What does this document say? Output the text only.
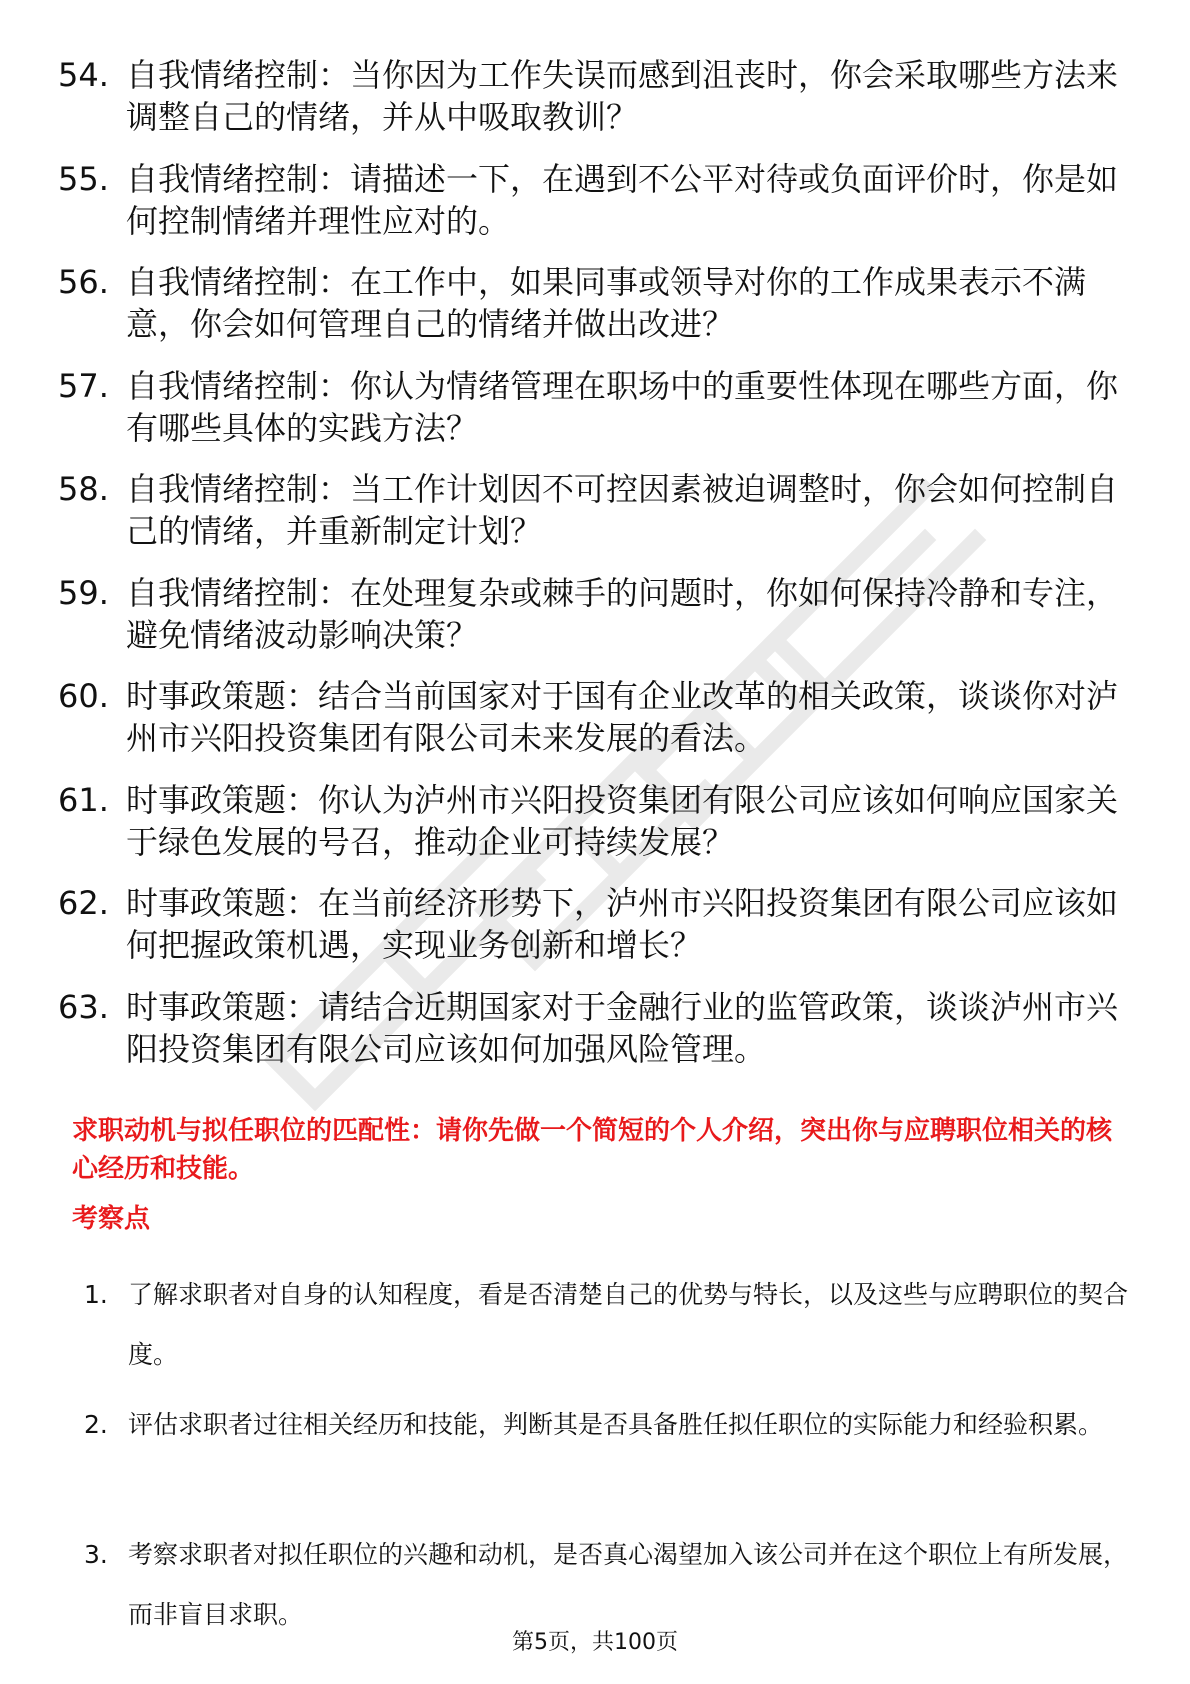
54. 自我情绪控制：当你因为工作失误而感到沮丧时，你会采取哪些方法来调整自己的情绪，并从中吸取教训？
55. 自我情绪控制：请描述一下，在遇到不公平对待或负面评价时，你是如何控制情绪并理性应对的。
56. 自我情绪控制：在工作中，如果同事或领导对你的工作成果表示不满意，你会如何管理自己的情绪并做出改进？
57. 自我情绪控制：你认为情绪管理在职场中的重要性体现在哪些方面，你有哪些具体的实践方法？
58. 自我情绪控制：当工作计划因不可控因素被迫调整时，你会如何控制自己的情绪，并重新制定计划？
59. 自我情绪控制：在处理复杂或棘手的问题时，你如何保持冷静和专注，避免情绪波动影响决策？
60. 时事政策题：结合当前国家对于国有企业改革的相关政策，谈谈你对泸州市兴阳投资集团有限公司未来发展的看法。
61. 时事政策题：你认为泸州市兴阳投资集团有限公司应该如何响应国家关于绿色发展的号召，推动企业可持续发展？
62. 时事政策题：在当前经济形势下，泸州市兴阳投资集团有限公司应该如何把握政策机遇，实现业务创新和增长？
63. 时事政策题：请结合近期国家对于金融行业的监管政策，谈谈泸州市兴阳投资集团有限公司应该如何加强风险管理。

求职动机与拟任职位的匹配性：请你先做一个简短的个人介绍，突出你与应聘职位相关的核心经历和技能。

考察点

1. 了解求职者对自身的认知程度，看是否清楚自己的优势与特长，以及这些与应聘职位的契合度。
2. 评估求职者过往相关经历和技能，判断其是否具备胜任拟任职位的实际能力和经验积累。
3. 考察求职者对拟任职位的兴趣和动机，是否真心渴望加入该公司并在这个职位上有所发展，而非盲目求职。
第5页，共100页
